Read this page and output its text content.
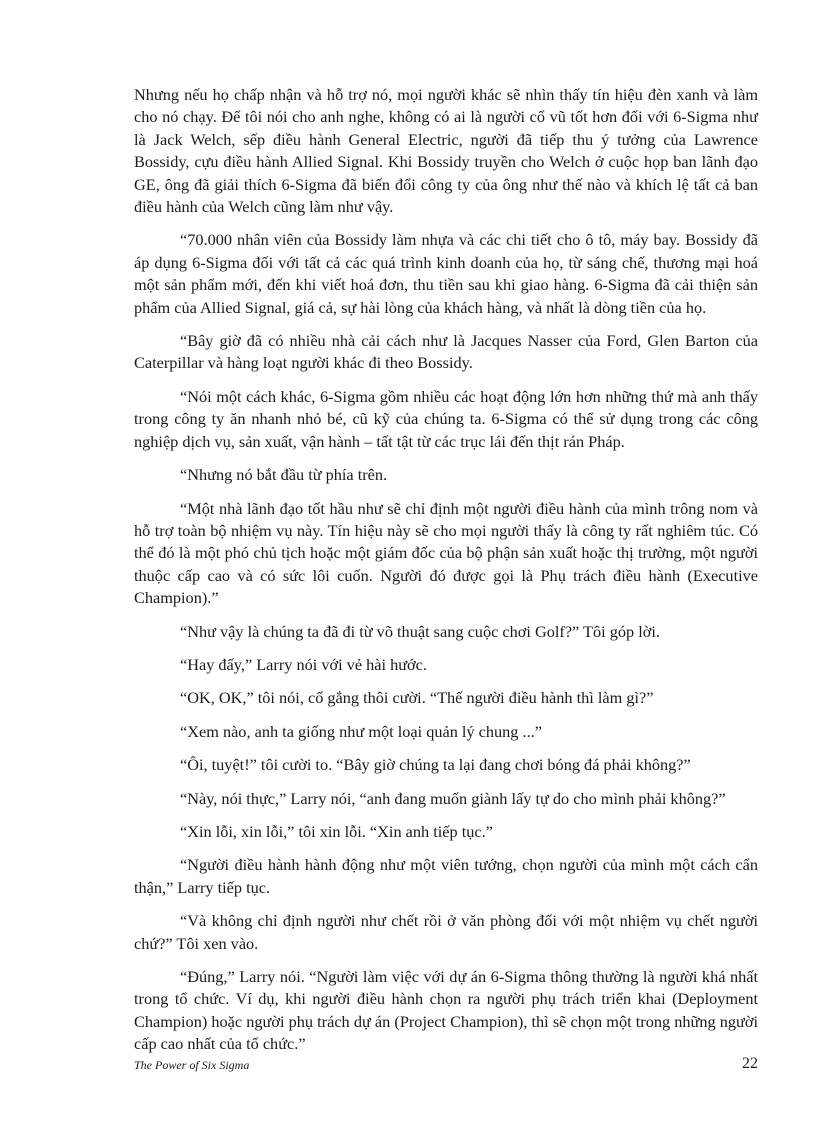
Nhưng nếu họ chấp nhận và hỗ trợ nó, mọi người khác sẽ nhìn thấy tín hiệu đèn xanh và làm cho nó chạy. Để tôi nói cho anh nghe, không có ai là người cổ vũ tốt hơn đối với 6-Sigma như là Jack Welch, sếp điều hành General Electric, người đã tiếp thu ý tưởng của Lawrence Bossidy, cựu điều hành Allied Signal. Khi Bossidy truyền cho Welch ở cuộc họp ban lãnh đạo GE, ông đã giải thích 6-Sigma đã biến đổi công ty của ông như thế nào và khích lệ tất cả ban điều hành của Welch cũng làm như vậy.

“70.000 nhân viên của Bossidy làm nhựa và các chi tiết cho ô tô, máy bay. Bossidy đã áp dụng 6-Sigma đối với tất cả các quá trình kinh doanh của họ, từ sáng chế, thương mại hoá một sản phẩm mới, đến khi viết hoá đơn, thu tiền sau khi giao hàng. 6-Sigma đã cải thiện sản phẩm của Allied Signal, giá cả, sự hài lòng của khách hàng, và nhất là dòng tiền của họ.

“Bây giờ đã có nhiều nhà cải cách như là Jacques Nasser của Ford, Glen Barton của Caterpillar và hàng loạt người khác đi theo Bossidy.

“Nói một cách khác, 6-Sigma gồm nhiều các hoạt động lớn hơn những thứ mà anh thấy trong công ty ăn nhanh nhỏ bé, cũ kỹ của chúng ta. 6-Sigma có thể sử dụng trong các công nghiệp dịch vụ, sản xuất, vận hành – tất tật từ các trục lái đến thịt rán Pháp.

“Nhưng nó bắt đầu từ phía trên.

“Một nhà lãnh đạo tốt hầu như sẽ chỉ định một người điều hành của mình trông nom và hỗ trợ toàn bộ nhiệm vụ này. Tín hiệu này sẽ cho mọi người thấy là công ty rất nghiêm túc. Có thể đó là một phó chủ tịch hoặc một giám đốc của bộ phận sản xuất hoặc thị trường, một người thuộc cấp cao và có sức lôi cuốn. Người đó được gọi là Phụ trách điều hành (Executive Champion).”

“Như vậy là chúng ta đã đi từ võ thuật sang cuộc chơi Golf?” Tôi góp lời.

“Hay đấy,” Larry nói với vẻ hài hước.

“OK, OK,” tôi nói, cố gắng thôi cười. “Thế người điều hành thì làm gì?”

“Xem nào, anh ta giống như một loại quản lý chung ...”

“Ôi, tuyệt!” tôi cười to. “Bây giờ chúng ta lại đang chơi bóng đá phải không?”

“Này, nói thực,” Larry nói, “anh đang muốn giành lấy tự do cho mình phải không?”

“Xin lỗi, xin lỗi,” tôi xin lỗi. “Xin anh tiếp tục.”

“Người điều hành hành động như một viên tướng, chọn người của mình một cách cẩn thận,” Larry tiếp tục.

“Và không chỉ định người như chết rồi ở văn phòng đối với một nhiệm vụ chết người chứ?” Tôi xen vào.

“Đúng,” Larry nói. “Người làm việc với dự án 6-Sigma thông thường là người khá nhất trong tổ chức. Ví dụ, khi người điều hành chọn ra người phụ trách triển khai (Deployment Champion) hoặc người phụ trách dự án (Project Champion), thì sẽ chọn một trong những người cấp cao nhất của tổ chức.”

The Power of Six Sigma	22
